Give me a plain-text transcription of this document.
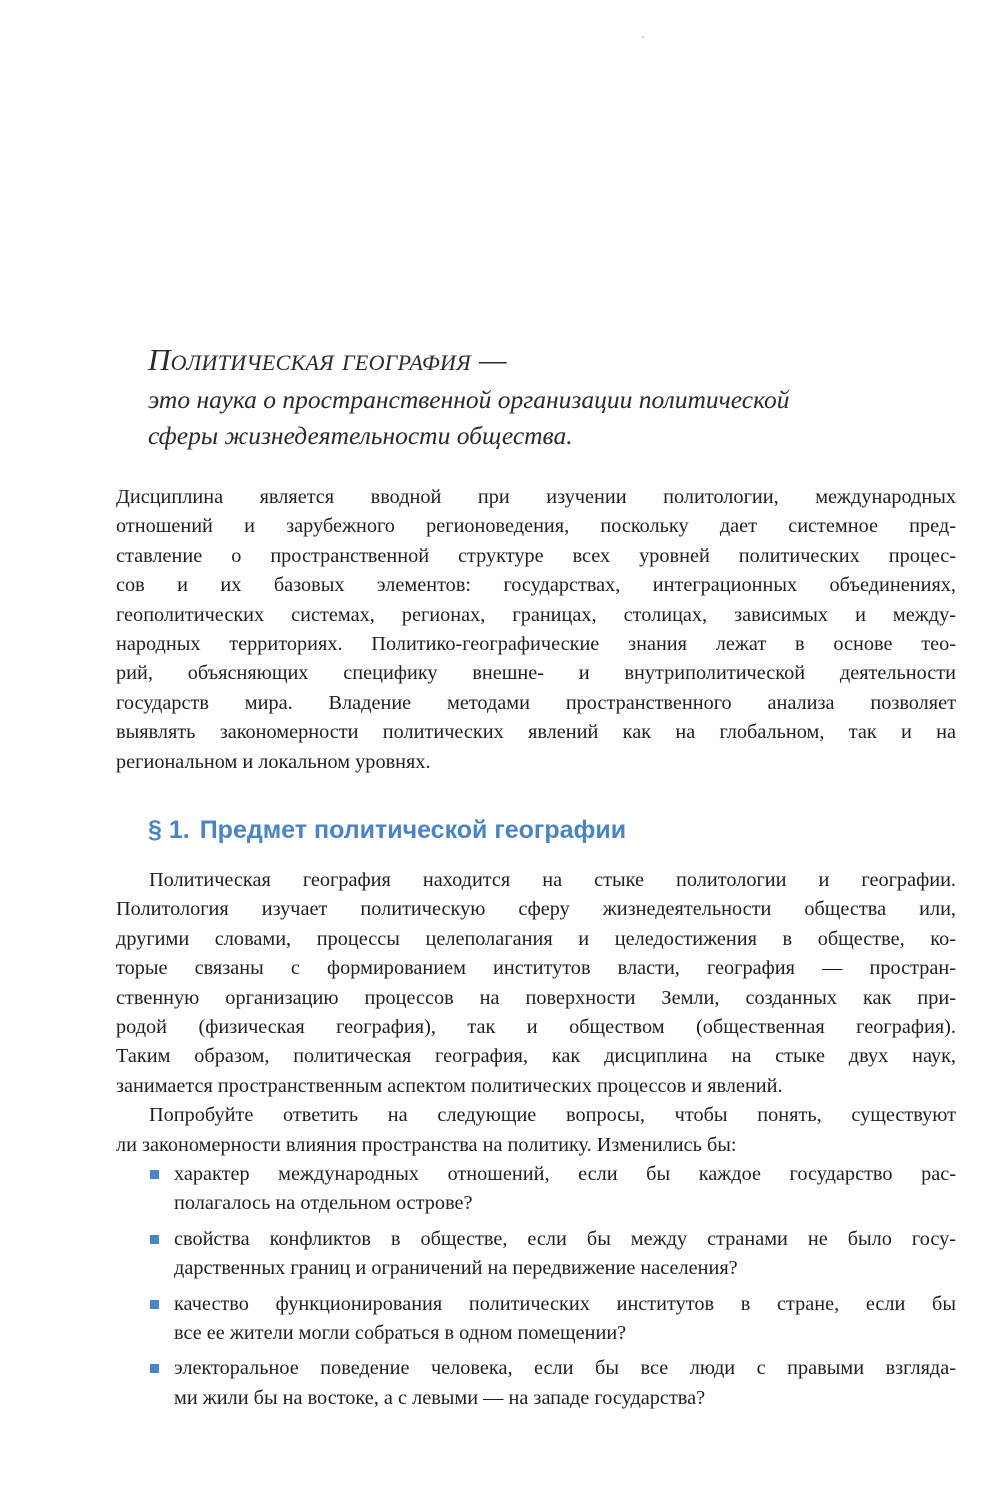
Политическая география —
это наука о пространственной организации политической
сферы жизнедеятельности общества.
Дисциплина является вводной при изучении политологии, международных
отношений и зарубежного регионоведения, поскольку дает системное пред-
ставление о пространственной структуре всех уровней политических процес-
сов и их базовых элементов: государствах, интеграционных объединениях,
геополитических системах, регионах, границах, столицах, зависимых и между-
народных территориях. Политико-географические знания лежат в основе тео-
рий, объясняющих специфику внешне- и внутриполитической деятельности
государств мира. Владение методами пространственного анализа позволяет
выявлять закономерности политических явлений как на глобальном, так и на
региональном и локальном уровнях.
§ 1. Предмет политической географии
Политическая география находится на стыке политологии и географии.
Политология изучает политическую сферу жизнедеятельности общества или,
другими словами, процессы целеполагания и целедостижения в обществе, ко-
торые связаны с формированием институтов власти, география — простран-
ственную организацию процессов на поверхности Земли, созданных как при-
родой (физическая география), так и обществом (общественная география).
Таким образом, политическая география, как дисциплина на стыке двух наук,
занимается пространственным аспектом политических процессов и явлений.
Попробуйте ответить на следующие вопросы, чтобы понять, существуют
ли закономерности влияния пространства на политику. Изменились бы:
характер международных отношений, если бы каждое государство рас-
полагалось на отдельном острове?
свойства конфликтов в обществе, если бы между странами не было госу-
дарственных границ и ограничений на передвижение населения?
качество функционирования политических институтов в стране, если бы
все ее жители могли собраться в одном помещении?
электоральное поведение человека, если бы все люди с правыми взгляда-
ми жили бы на востоке, а с левыми — на западе государства?
